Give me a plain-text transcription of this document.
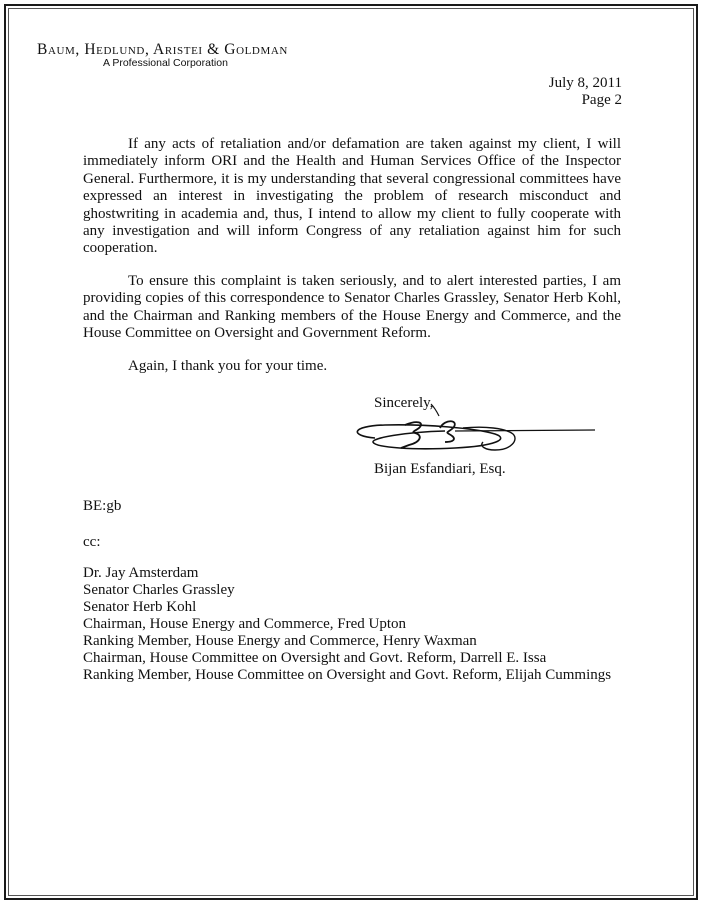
Baum, Hedlund, Aristei & Goldman
A Professional Corporation
July 8, 2011
Page 2

If any acts of retaliation and/or defamation are taken against my client, I will immediately inform ORI and the Health and Human Services Office of the Inspector General. Furthermore, it is my understanding that several congressional committees have expressed an interest in investigating the problem of research misconduct and ghostwriting in academia and, thus, I intend to allow my client to fully cooperate with any investigation and will inform Congress of any retaliation against him for such cooperation.

To ensure this complaint is taken seriously, and to alert interested parties, I am providing copies of this correspondence to Senator Charles Grassley, Senator Herb Kohl, and the Chairman and Ranking members of the House Energy and Commerce, and the House Committee on Oversight and Government Reform.

Again, I thank you for your time.

Sincerely,
Bijan Esfandiari, Esq.
BE:gb
cc:
Dr. Jay Amsterdam
Senator Charles Grassley
Senator Herb Kohl
Chairman, House Energy and Commerce, Fred Upton
Ranking Member, House Energy and Commerce, Henry Waxman
Chairman, House Committee on Oversight and Govt. Reform, Darrell E. Issa
Ranking Member, House Committee on Oversight and Govt. Reform, Elijah Cummings
